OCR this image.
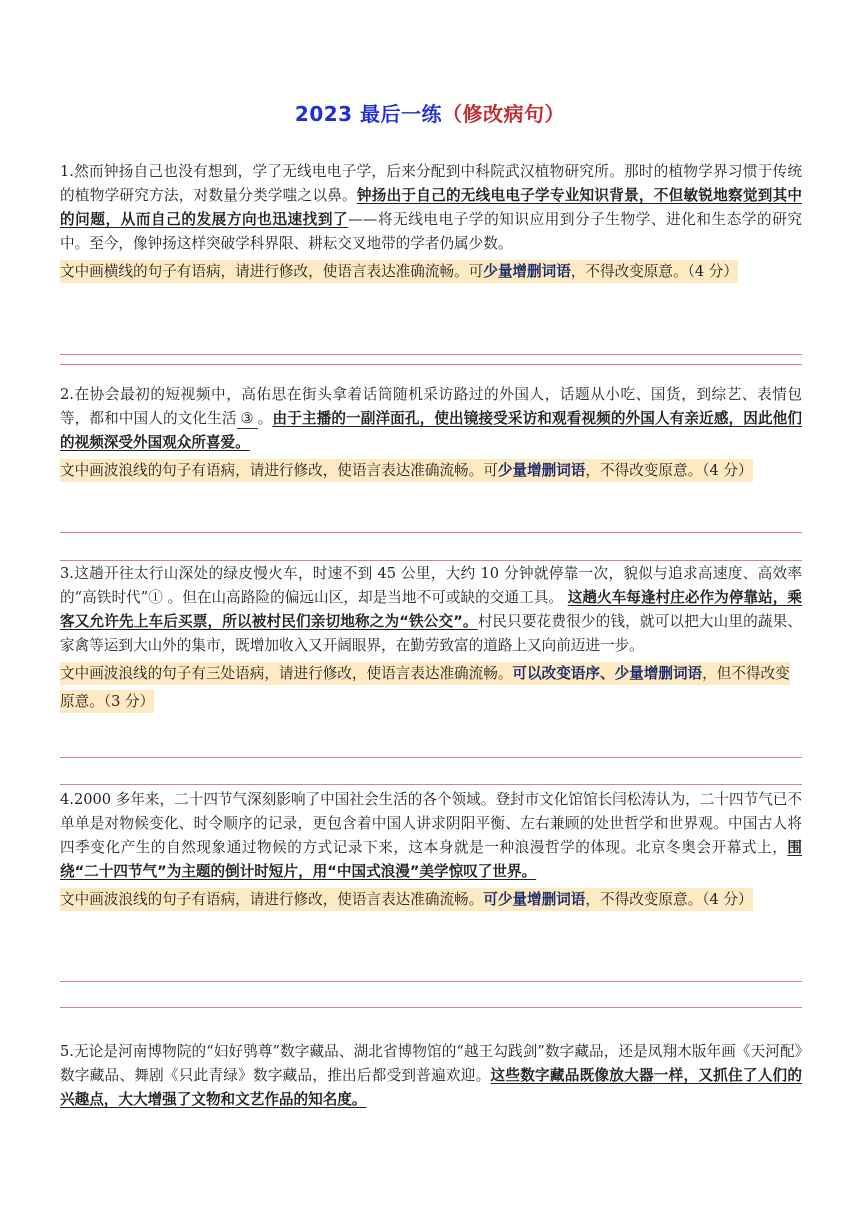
2023 最后一练（修改病句）

1.然而钟扬自己也没有想到，学了无线电电子学，后来分配到中科院武汉植物研究所。那时的植物学界习惯于传统的植物学研究方法，对数量分类学嗤之以鼻。钟扬出于自己的无线电电子学专业知识背景，不但敏锐地察觉到其中的问题，从而自己的发展方向也迅速找到了——将无线电电子学的知识应用到分子生物学、进化和生态学的研究中。至今，像钟扬这样突破学科界限、耕耘交叉地带的学者仍属少数。

文中画横线的句子有语病，请进行修改，使语言表达准确流畅。可少量增删词语，不得改变原意。（4 分）

2.在协会最初的短视频中，高佑思在街头拿着话筒随机采访路过的外国人，话题从小吃、国货，到综艺、表情包等，都和中国人的文化生活 ③ 。由于主播的一副洋面孔，使出镜接受采访和观看视频的外国人有亲近感，因此他们的视频深受外国观众所喜爱。

文中画波浪线的句子有语病，请进行修改，使语言表达准确流畅。可少量增删词语，不得改变原意。（4 分）

3.这趟开往太行山深处的绿皮慢火车，时速不到 45 公里，大约 10 分钟就停靠一次，貌似与追求高速度、高效率的“高铁时代”① 。但在山高路险的偏远山区，却是当地不可或缺的交通工具。 这趟火车每逢村庄必作为停靠站，乘客又允许先上车后买票，所以被村民们亲切地称之为“铁公交”。村民只要花费很少的钱，就可以把大山里的蔬果、家禽等运到大山外的集市，既增加收入又开阔眼界，在勤劳致富的道路上又向前迈进一步。

文中画波浪线的句子有三处语病，请进行修改，使语言表达准确流畅。可以改变语序、少量增删词语，但不得改变原意。（3 分）

4.2000 多年来，二十四节气深刻影响了中国社会生活的各个领域。登封市文化馆馆长闫松涛认为，二十四节气已不单单是对物候变化、时令顺序的记录，更包含着中国人讲求阴阳平衡、左右兼顾的处世哲学和世界观。中国古人将四季变化产生的自然现象通过物候的方式记录下来，这本身就是一种浪漫哲学的体现。北京冬奥会开幕式上，围绕“二十四节气”为主题的倒计时短片，用“中国式浪漫”美学惊叹了世界。

文中画波浪线的句子有语病，请进行修改，使语言表达准确流畅。可少量增删词语，不得改变原意。（4 分）

5.无论是河南博物院的“妇好鸮尊”数字藏品、湖北省博物馆的“越王勾践剑”数字藏品，还是凤翔木版年画《天河配》数字藏品、舞剧《只此青绿》数字藏品，推出后都受到普遍欢迎。这些数字藏品既像放大器一样，又抓住了人们的兴趣点，大大增强了文物和文艺作品的知名度。
